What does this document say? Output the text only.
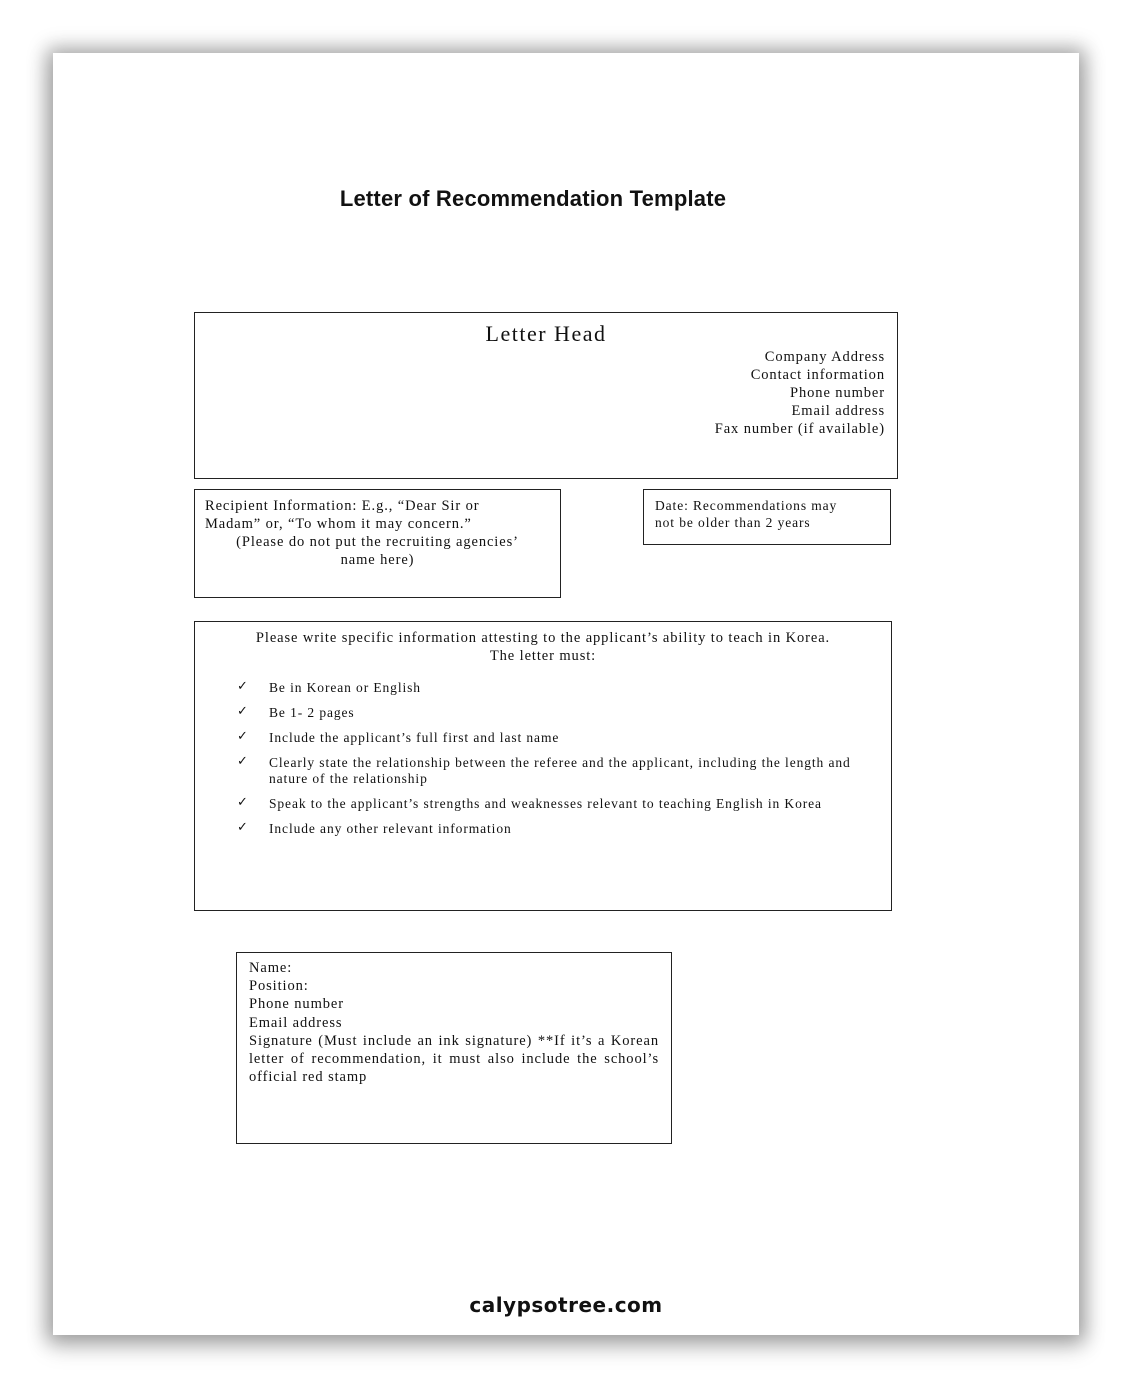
Letter of Recommendation Template
Letter Head
Company Address
Contact information
Phone number
Email address
Fax number (if available)
Recipient Information: E.g., “Dear Sir or
Madam” or, “To whom it may concern.”
(Please do not put the recruiting agencies’
name here)
Date: Recommendations may
not be older than 2 years
Please write specific information attesting to the applicant’s ability to teach in Korea.
The letter must:
✓ Be in Korean or English
✓ Be 1- 2 pages
✓ Include the applicant’s full first and last name
✓ Clearly state the relationship between the referee and the applicant, including the length and nature of the relationship
✓ Speak to the applicant’s strengths and weaknesses relevant to teaching English in Korea
✓ Include any other relevant information
Name:
Position:
Phone number
Email address
Signature (Must include an ink signature) **If it’s a Korean letter of recommendation, it must also include the school’s official red stamp
calypsotree.com
